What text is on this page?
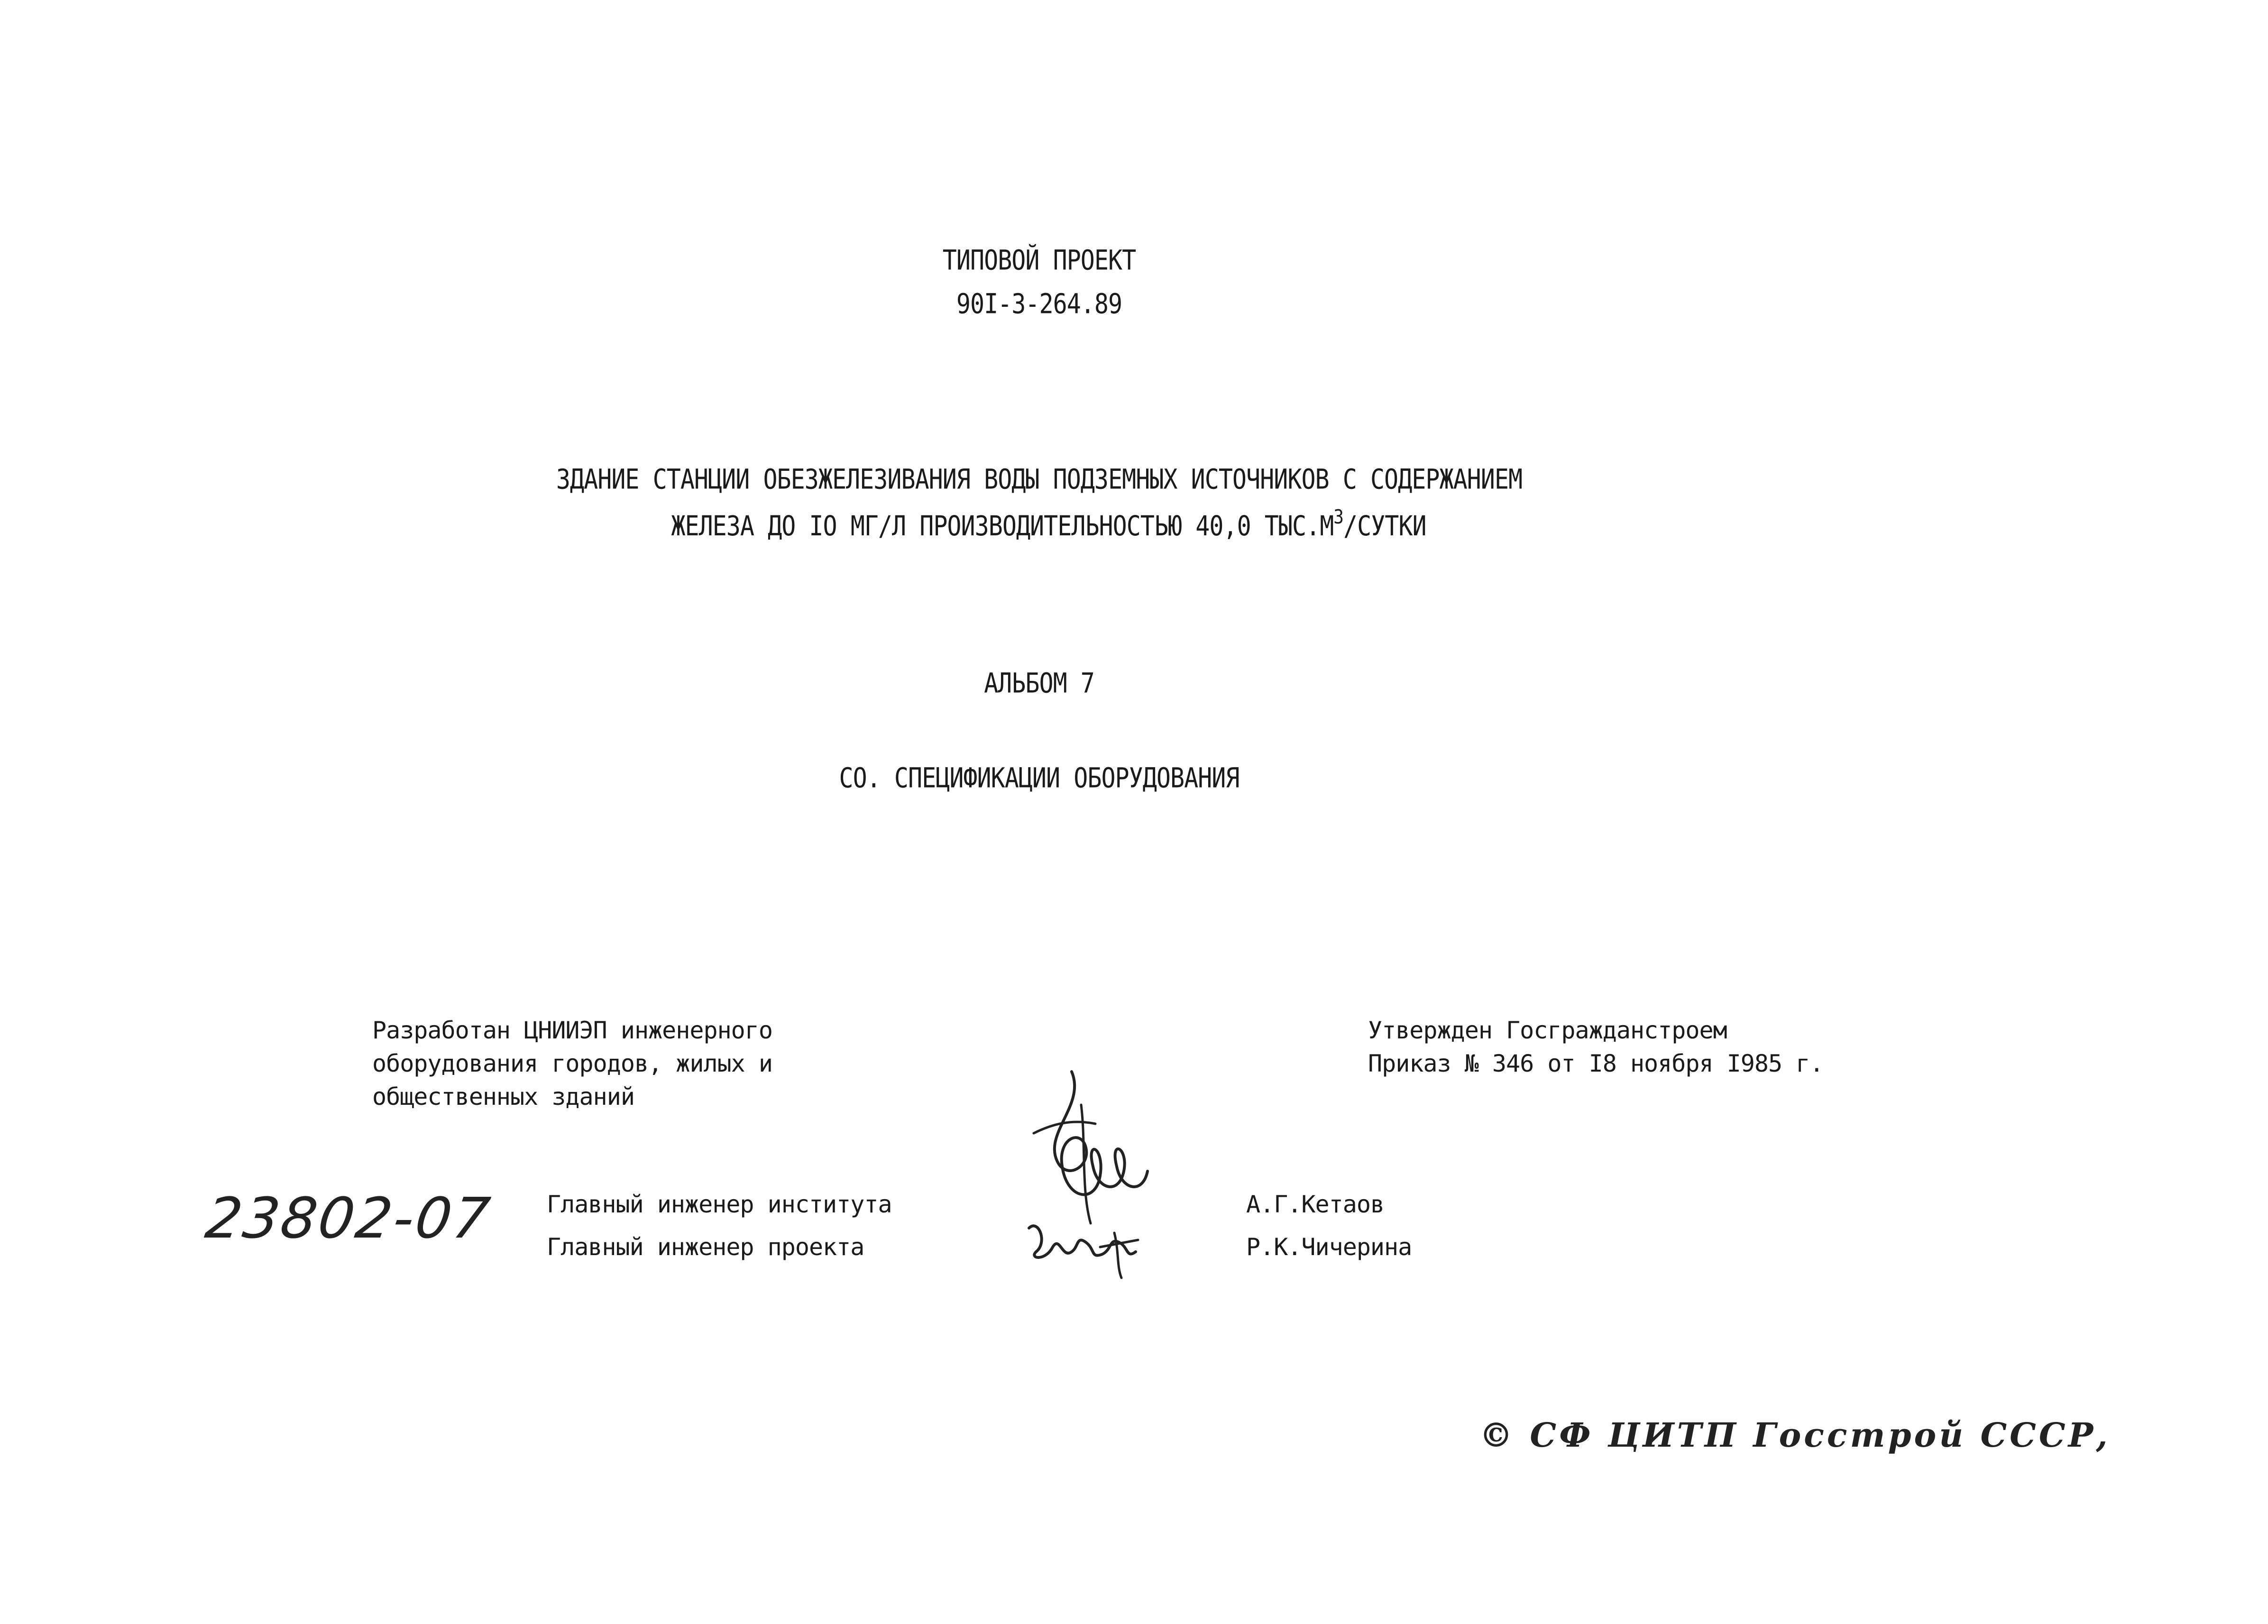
ТИПОВОЙ ПРОЕКТ
90I-3-264.89
ЗДАНИЕ СТАНЦИИ ОБЕЗЖЕЛЕЗИВАНИЯ ВОДЫ ПОДЗЕМНЫХ ИСТОЧНИКОВ С СОДЕРЖАНИЕМ
ЖЕЛЕЗА ДО IO МГ/Л ПРОИЗВОДИТЕЛЬНОСТЬЮ 40,0 $ТЫС.М^3$/СУТКИ
АЛЬБОМ 7
СО. СПЕЦИФИКАЦИИ ОБОРУДОВАНИЯ
Разработан ЦНИИЭП инженерного
оборудования городов, жилых и
общественных зданий
Утвержден Госгражданстроем
Приказ № 346 от I8 ноября I985 г.
23802-07 Главный инженер института
Главный инженер проекта
А.Г.Кетаов
Р.К.Чичерина
© СФ ЦИТП Госстрой СССР,
